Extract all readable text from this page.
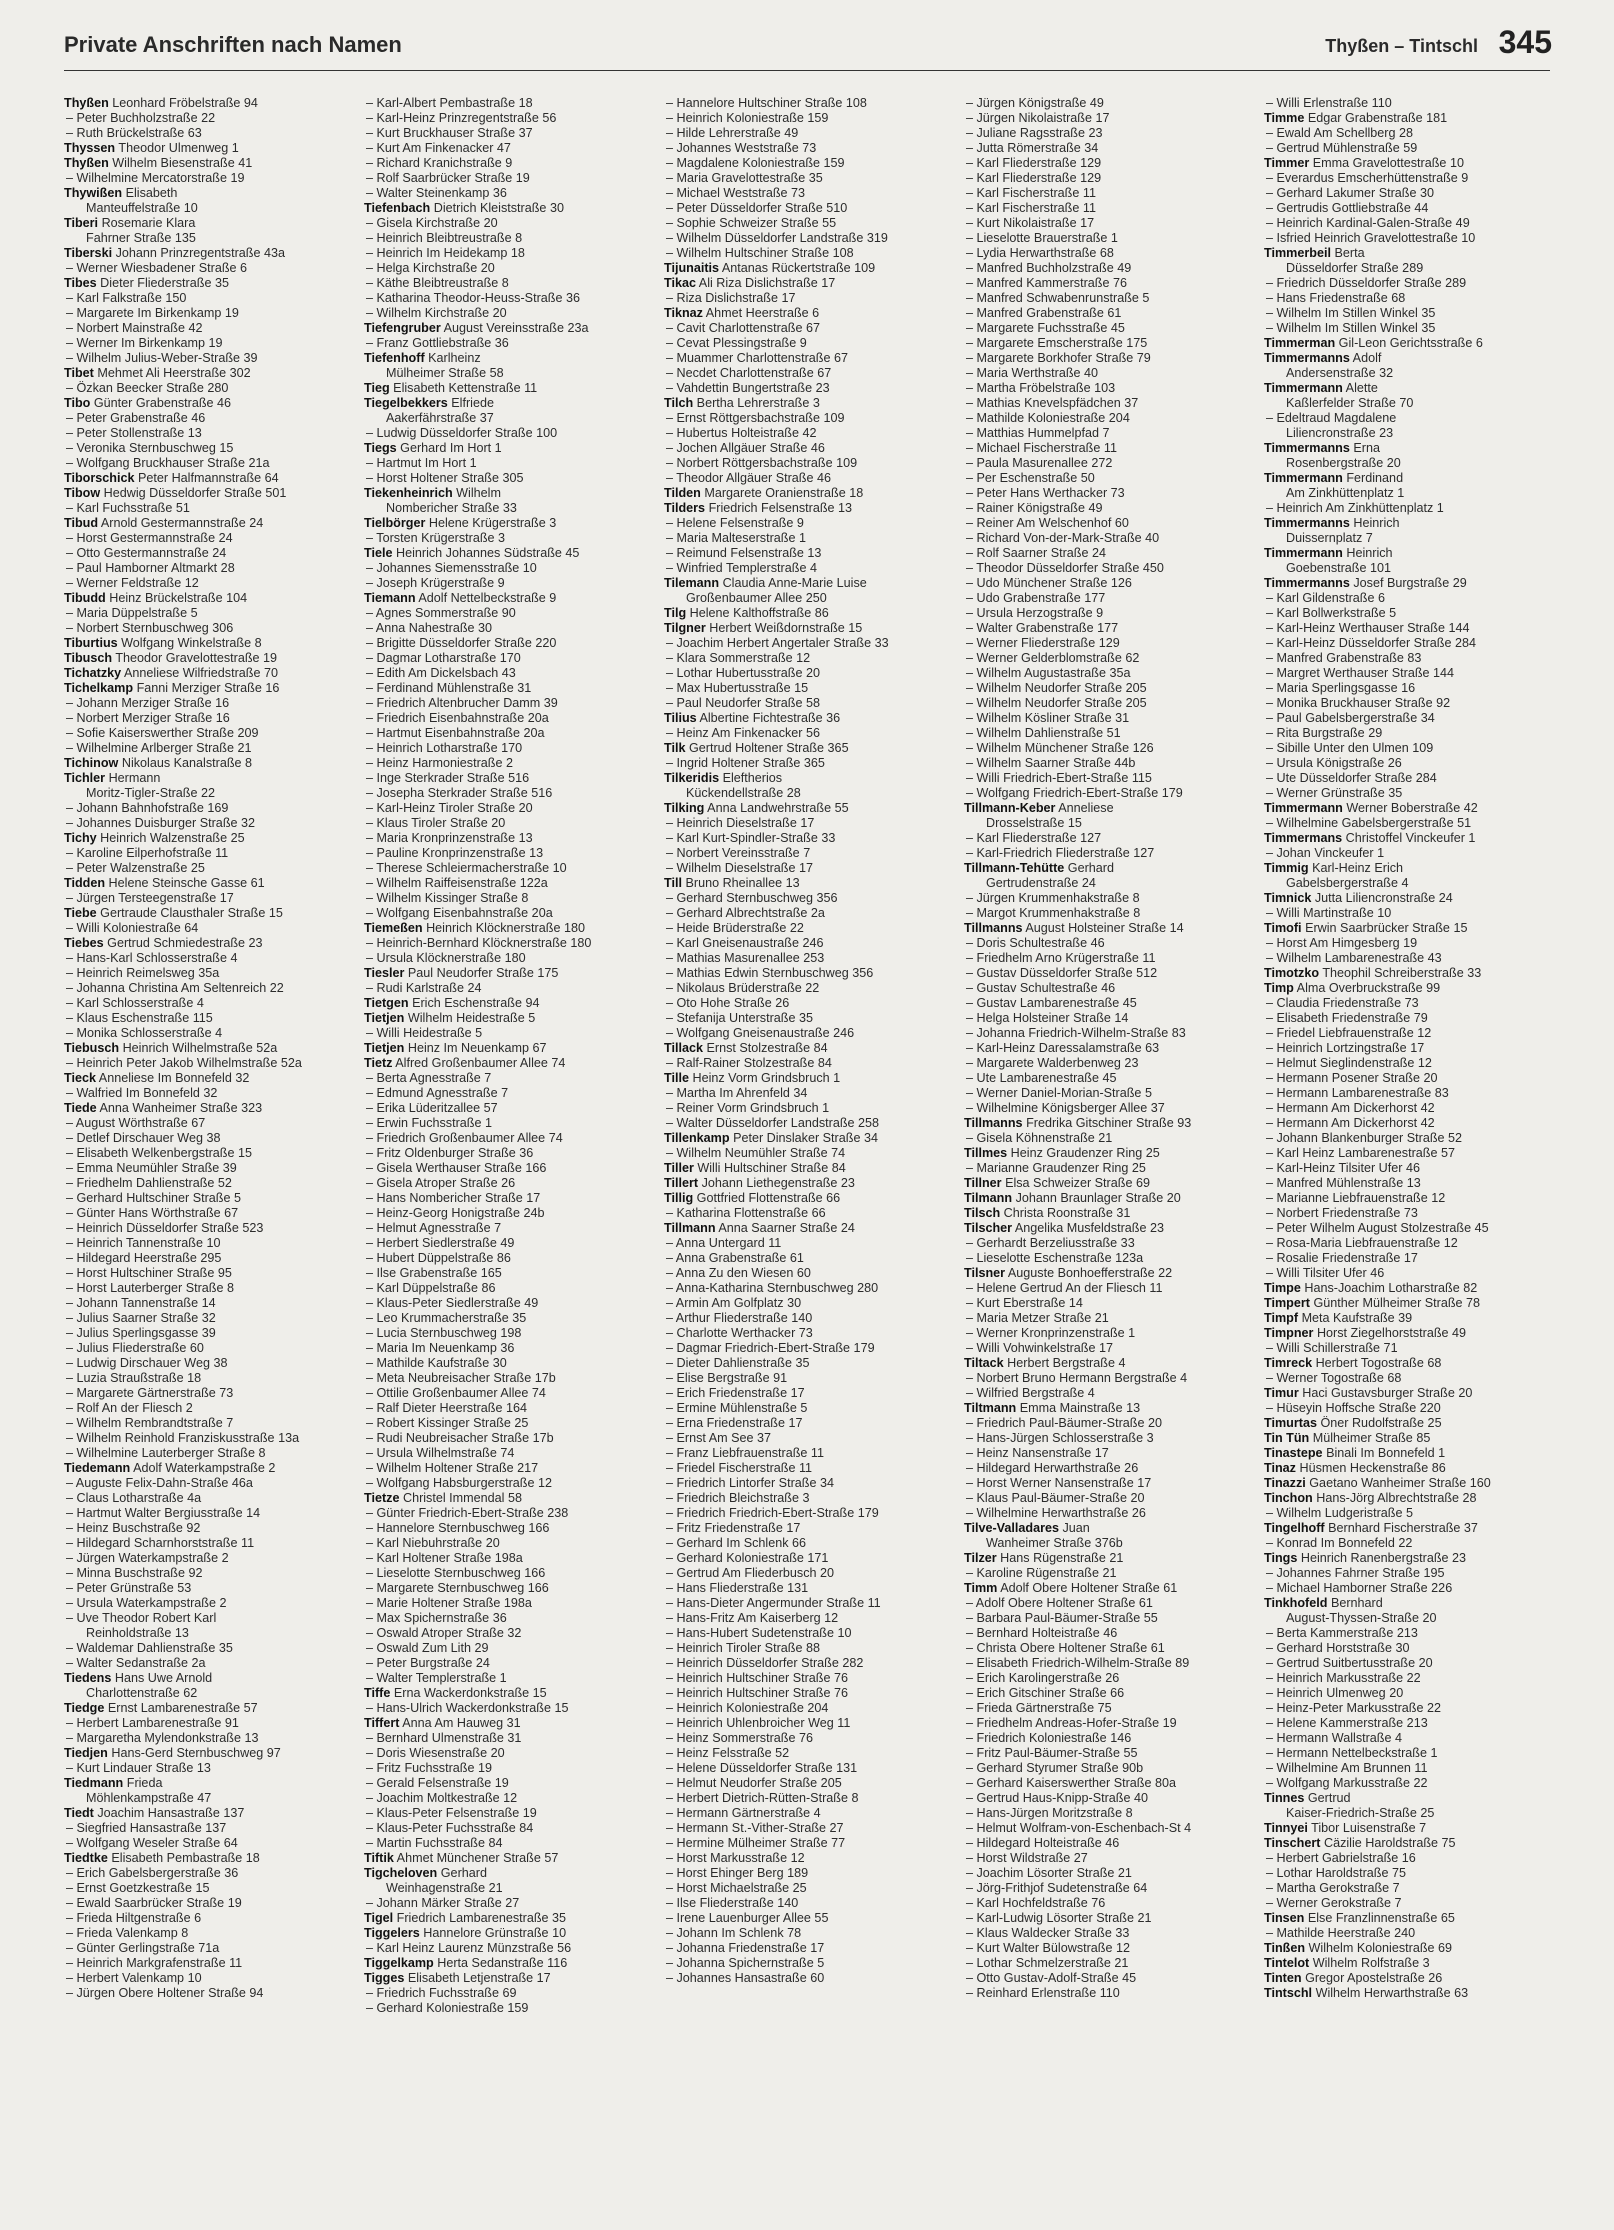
Private Anschriften nach Namen	Thyßen – Tintschl 345
Thyßen Leonhard Fröbelstraße 94
– Peter Buchholzstraße 22
– Ruth Brückelstraße 63
Thyssen Theodor Ulmenweg 1
Thyßen Wilhelm Biesenstraße 41
– Wilhelmine Mercatorstraße 19
Thywißen Elisabeth
Manteuffelstraße 10
Tiberi Rosemarie Klara
Fahrner Straße 135
Tiberski Johann Prinzregentstraße 43a
– Werner Wiesbadener Straße 6
Tibes Dieter Fliederstraße 35
– Karl Falkstraße 150
– Margarete Im Birkenkamp 19
– Norbert Mainstraße 42
– Werner Im Birkenkamp 19
– Wilhelm Julius-Weber-Straße 39
Tibet Mehmet Ali Heerstraße 302
– Özkan Beecker Straße 280
Tibo Günter Grabenstraße 46
– Peter Grabenstraße 46
– Peter Stollenstraße 13
– Veronika Sternbuschweg 15
– Wolfgang Bruckhauser Straße 21a
Tiborschick Peter Halfmannstraße 64
Tibow Hedwig Düsseldorfer Straße 501
– Karl Fuchsstraße 51
Tibud Arnold Gestermannstraße 24
– Horst Gestermannstraße 24
– Otto Gestermannstraße 24
– Paul Hamborner Altmarkt 28
– Werner Feldstraße 12
Tibudd Heinz Brückelstraße 104
– Maria Düppelstraße 5
– Norbert Sternbuschweg 306
Tiburtius Wolfgang Winkelstraße 8
Tibusch Theodor Gravelottestraße 19
Tichatzky Anneliese Wilfriedstraße 70
Tichelkamp Fanni Merziger Straße 16
– Johann Merziger Straße 16
– Norbert Merziger Straße 16
– Sofie Kaiserswerther Straße 209
– Wilhelmine Arlberger Straße 21
Tichinow Nikolaus Kanalstraße 8
Tichler Hermann
Moritz-Tigler-Straße 22
– Johann Bahnhofstraße 169
– Johannes Duisburger Straße 32
Tichy Heinrich Walzenstraße 25
– Karoline Eilperhofstraße 11
– Peter Walzenstraße 25
Tidden Helene Steinsche Gasse 61
– Jürgen Tersteegenstraße 17
Tiebe Gertraude Clausthaler Straße 15
– Willi Koloniestraße 64
Tiebes Gertrud Schmiedestraße 23
– Hans-Karl Schlosserstraße 4
– Heinrich Reimelsweg 35a
– Johanna Christina Am Seltenreich 22
– Karl Schlosserstraße 4
– Klaus Eschenstraße 115
– Monika Schlosserstraße 4
Tiebusch Heinrich Wilhelmstraße 52a
– Heinrich Peter Jakob Wilhelmstraße 52a
Tieck Anneliese Im Bonnefeld 32
– Walfried Im Bonnefeld 32
Tiede Anna Wanheimer Straße 323
– August Wörthstraße 67
– Detlef Dirschauer Weg 38
– Elisabeth Welkenbergstraße 15
– Emma Neumühler Straße 39
– Friedhelm Dahlienstraße 52
– Gerhard Hultschiner Straße 5
– Günter Hans Wörthstraße 67
– Heinrich Düsseldorfer Straße 523
– Heinrich Tannenstraße 10
– Hildegard Heerstraße 295
– Horst Hultschiner Straße 95
– Horst Lauterberger Straße 8
– Johann Tannenstraße 14
– Julius Saarner Straße 32
– Julius Sperlingsgasse 39
– Julius Fliederstraße 60
– Ludwig Dirschauer Weg 38
– Luzia Straußstraße 18
– Margarete Gärtnerstraße 73
– Rolf An der Fliesch 2
– Wilhelm Rembrandtstraße 7
– Wilhelm Reinhold Franziskusstraße 13a
– Wilhelmine Lauterberger Straße 8
Tiedemann Adolf Waterkampstraße 2
– Auguste Felix-Dahn-Straße 46a
– Claus Lotharstraße 4a
– Hartmut Walter Bergiusstraße 14
– Heinz Buschstraße 92
– Hildegard Scharnhorststraße 11
– Jürgen Waterkampstraße 2
– Minna Buschstraße 92
– Peter Grünstraße 53
– Ursula Waterkampstraße 2
– Uve Theodor Robert Karl
Reinholdstraße 13
– Waldemar Dahlienstraße 35
– Walter Sedanstraße 2a
Tiedens Hans Uwe Arnold
Charlottenstraße 62
Tiedge Ernst Lambarenestraße 57
– Herbert Lambarenestraße 91
– Margaretha Mylendonkstraße 13
Tiedjen Hans-Gerd Sternbuschweg 97
– Kurt Lindauer Straße 13
Tiedmann Frieda
Möhlenkampstraße 47
Tiedt Joachim Hansastraße 137
– Siegfried Hansastraße 137
– Wolfgang Weseler Straße 64
Tiedtke Elisabeth Pembastraße 18
– Erich Gabelsbergerstraße 36
– Ernst Goetzkestraße 15
– Ewald Saarbrücker Straße 19
– Frieda Hiltgenstraße 6
– Frieda Valenkamp 8
– Günter Gerlingstraße 71a
– Heinrich Markgrafenstraße 11
– Herbert Valenkamp 10
– Jürgen Obere Holtener Straße 94
– Karl-Albert Pembastraße 18
– Karl-Heinz Prinzregentstraße 56
– Kurt Bruckhauser Straße 37
– Kurt Am Finkenacker 47
– Richard Kranichstraße 9
– Rolf Saarbrücker Straße 19
– Walter Steinenkamp 36
Tiefenbach Dietrich Kleiststraße 30
– Gisela Kirchstraße 20
– Heinrich Bleibtreustraße 8
– Heinrich Im Heidekamp 18
– Helga Kirchstraße 20
– Käthe Bleibtreustraße 8
– Katharina Theodor-Heuss-Straße 36
– Wilhelm Kirchstraße 20
Tiefengruber August Vereinsstraße 23a
– Franz Gottliebstraße 36
Tiefenhoff Karlheinz
Mülheimer Straße 58
Tieg Elisabeth Kettenstraße 11
Tiegelbekkers Elfriede
Aakerfährstraße 37
– Ludwig Düsseldorfer Straße 100
Tiegs Gerhard Im Hort 1
– Hartmut Im Hort 1
– Horst Holtener Straße 305
Tiekenheinrich Wilhelm
Nombericher Straße 33
Tielbörger Helene Krügerstraße 3
– Torsten Krügerstraße 3
Tiele Heinrich Johannes Südstraße 45
– Johannes Siemensstraße 10
– Joseph Krügerstraße 9
Tiemann Adolf Nettelbeckstraße 9
– Agnes Sommerstraße 90
– Anna Nahestraße 30
– Brigitte Düsseldorfer Straße 220
– Dagmar Lotharstraße 170
– Edith Am Dickelsbach 43
– Ferdinand Mühlenstraße 31
– Friedrich Altenbrucher Damm 39
– Friedrich Eisenbahnstraße 20a
– Hartmut Eisenbahnstraße 20a
– Heinrich Lotharstraße 170
– Heinz Harmoniestraße 2
– Inge Sterkrader Straße 516
– Josepha Sterkrader Straße 516
– Karl-Heinz Tiroler Straße 20
– Klaus Tiroler Straße 20
– Maria Kronprinzenstraße 13
– Pauline Kronprinzenstraße 13
– Therese Schleiermacherstraße 10
– Wilhelm Raiffeisenstraße 122a
– Wilhelm Kissinger Straße 8
– Wolfgang Eisenbahnstraße 20a
Tiemeßen Heinrich Klöcknerstraße 180
– Heinrich-Bernhard Klöcknerstraße 180
– Ursula Klöcknerstraße 180
Tiesler Paul Neudorfer Straße 175
– Rudi Karlstraße 24
Tietgen Erich Eschenstraße 94
Tietjen Wilhelm Heidestraße 5
– Willi Heidestraße 5
Tietjen Heinz Im Neuenkamp 67
Tietz Alfred Großenbaumer Allee 74
– Berta Agnesstraße 7
– Edmund Agnesstraße 7
– Erika Lüderitzallee 57
– Erwin Fuchsstraße 1
– Friedrich Großenbaumer Allee 74
– Fritz Oldenburger Straße 36
– Gisela Werthauser Straße 166
– Gisela Atroper Straße 26
– Hans Nombericher Straße 17
– Heinz-Georg Honigstraße 24b
– Helmut Agnesstraße 7
– Herbert Siedlerstraße 49
– Hubert Düppelstraße 86
– Ilse Grabenstraße 165
– Karl Düppelstraße 86
– Klaus-Peter Siedlerstraße 49
– Leo Krummacherstraße 35
– Lucia Sternbuschweg 198
– Maria Im Neuenkamp 36
– Mathilde Kaufstraße 30
– Meta Neubreisacher Straße 17b
– Ottilie Großenbaumer Allee 74
– Ralf Dieter Heerstraße 164
– Robert Kissinger Straße 25
– Rudi Neubreisacher Straße 17b
– Ursula Wilhelmstraße 74
– Wilhelm Holtener Straße 217
– Wolfgang Habsburgerstraße 12
Tietze Christel Immendal 58
– Günter Friedrich-Ebert-Straße 238
– Hannelore Sternbuschweg 166
– Karl Niebuhrstraße 20
– Karl Holtener Straße 198a
– Lieselotte Sternbuschweg 166
– Margarete Sternbuschweg 166
– Marie Holtener Straße 198a
– Max Spichernstraße 36
– Oswald Atroper Straße 32
– Oswald Zum Lith 29
– Peter Burgstraße 24
– Walter Templerstraße 1
Tiffe Erna Wackerdonkstraße 15
– Hans-Ulrich Wackerdonkstraße 15
Tiffert Anna Am Hauweg 31
– Bernhard Ulmenstraße 31
– Doris Wiesenstraße 20
– Fritz Fuchsstraße 19
– Gerald Felsenstraße 19
– Joachim Moltkestraße 12
– Klaus-Peter Felsenstraße 19
– Klaus-Peter Fuchsstraße 84
– Martin Fuchsstraße 84
Tiftik Ahmet Münchener Straße 57
Tigcheloven Gerhard
Weinhagenstraße 21
– Johann Märker Straße 27
Tigel Friedrich Lambarenestraße 35
Tiggelers Hannelore Grünstraße 10
– Karl Heinz Laurenz Münzstraße 56
Tiggelkamp Herta Sedanstraße 116
Tigges Elisabeth Letjenstraße 17
– Friedrich Fuchsstraße 69
– Gerhard Koloniestraße 159
– Hannelore Hultschiner Straße 108
– Heinrich Koloniestraße 159
– Hilde Lehrerstraße 49
– Johannes Weststraße 73
– Magdalene Koloniestraße 159
– Maria Gravelottestraße 35
– Michael Weststraße 73
– Peter Düsseldorfer Straße 510
– Sophie Schweizer Straße 55
– Wilhelm Düsseldorfer Landstraße 319
– Wilhelm Hultschiner Straße 108
Tijunaitis Antanas Rückertstraße 109
Tikac Ali Riza Dislichstraße 17
– Riza Dislichstraße 17
Tiknaz Ahmet Heerstraße 6
– Cavit Charlottenstraße 67
– Cevat Plessingstraße 9
– Muammer Charlottenstraße 67
– Necdet Charlottenstraße 67
– Vahdettin Bungertstraße 23
Tilch Bertha Lehrerstraße 3
– Ernst Röttgersbachstraße 109
– Hubertus Holteistraße 42
– Jochen Allgäuer Straße 46
– Norbert Röttgersbachstraße 109
– Theodor Allgäuer Straße 46
Tilden Margarete Oranienstraße 18
Tilders Friedrich Felsenstraße 13
– Helene Felsenstraße 9
– Maria Malteserstraße 1
– Reimund Felsenstraße 13
– Winfried Templerstraße 4
Tilemann Claudia Anne-Marie Luise
Großenbaumer Allee 250
Tilg Helene Kalthoffstraße 86
Tilgner Herbert Weißdornstraße 15
– Joachim Herbert Angertaler Straße 33
– Klara Sommerstraße 12
– Lothar Hubertusstraße 20
– Max Hubertusstraße 15
– Paul Neudorfer Straße 58
Tilius Albertine Fichtestraße 36
– Heinz Am Finkenacker 56
Tilk Gertrud Holtener Straße 365
– Ingrid Holtener Straße 365
Tilkeridis Eleftherios
Kückendellstraße 28
Tilking Anna Landwehrstraße 55
– Heinrich Dieselstraße 17
– Karl Kurt-Spindler-Straße 33
– Norbert Vereinsstraße 7
– Wilhelm Dieselstraße 17
Till Bruno Rheinallee 13
– Gerhard Sternbuschweg 356
– Gerhard Albrechtstraße 2a
– Heide Brüderstraße 22
– Karl Gneisenaustraße 246
– Mathias Masurenallee 253
– Mathias Edwin Sternbuschweg 356
– Nikolaus Brüderstraße 22
– Oto Hohe Straße 26
– Stefanija Unterstraße 35
– Wolfgang Gneisenaustraße 246
Tillack Ernst Stolzestraße 84
– Ralf-Rainer Stolzestraße 84
Tille Heinz Vorm Grindsbruch 1
– Martha Im Ahrenfeld 34
– Reiner Vorm Grindsbruch 1
– Walter Düsseldorfer Landstraße 258
Tillenkamp Peter Dinslaker Straße 34
– Wilhelm Neumühler Straße 74
Tiller Willi Hultschiner Straße 84
Tillert Johann Liethegenstraße 23
Tillig Gottfried Flottenstraße 66
– Katharina Flottenstraße 66
Tillmann Anna Saarner Straße 24
– Anna Untergard 11
– Anna Grabenstraße 61
– Anna Zu den Wiesen 60
– Anna-Katharina Sternbuschweg 280
– Armin Am Golfplatz 30
– Arthur Fliederstraße 140
– Charlotte Werthacker 73
– Dagmar Friedrich-Ebert-Straße 179
– Dieter Dahlienstraße 35
– Elise Bergstraße 91
– Erich Friedenstraße 17
– Ermine Mühlenstraße 5
– Erna Friedenstraße 17
– Ernst Am See 37
– Franz Liebfrauenstraße 11
– Friedel Fischerstraße 11
– Friedrich Lintorfer Straße 34
– Friedrich Bleichstraße 3
– Friedrich Friedrich-Ebert-Straße 179
– Fritz Friedenstraße 17
– Gerhard Im Schlenk 66
– Gerhard Koloniestraße 171
– Gertrud Am Fliederbusch 20
– Hans Fliederstraße 131
– Hans-Dieter Angermunder Straße 11
– Hans-Fritz Am Kaiserberg 12
– Hans-Hubert Sudetenstraße 10
– Heinrich Tiroler Straße 88
– Heinrich Düsseldorfer Straße 282
– Heinrich Hultschiner Straße 76
– Heinrich Hultschiner Straße 76
– Heinrich Koloniestraße 204
– Heinrich Uhlenbroicher Weg 11
– Heinz Sommerstraße 76
– Heinz Felsstraße 52
– Helene Düsseldorfer Straße 131
– Helmut Neudorfer Straße 205
– Herbert Dietrich-Rütten-Straße 8
– Hermann Gärtnerstraße 4
– Hermann St.-Vither-Straße 27
– Hermine Mülheimer Straße 77
– Horst Markusstraße 12
– Horst Ehinger Berg 189
– Horst Michaelstraße 25
– Ilse Fliederstraße 140
– Irene Lauenburger Allee 55
– Johann Im Schlenk 78
– Johanna Friedenstraße 17
– Johanna Spichernstraße 5
– Johannes Hansastraße 60
– Jürgen Königstraße 49
– Jürgen Nikolaistraße 17
– Juliane Ragsstraße 23
– Jutta Römerstraße 34
– Karl Fliederstraße 129
– Karl Fliederstraße 129
– Karl Fischerstraße 11
– Karl Fischerstraße 11
– Kurt Nikolaistraße 17
– Lieselotte Brauerstraße 1
– Lydia Herwarthstraße 68
– Manfred Buchholzstraße 49
– Manfred Kammerstraße 76
– Manfred Schwabenrunstraße 5
– Manfred Grabenstraße 61
– Margarete Fuchsstraße 45
– Margarete Emscherstraße 175
– Margarete Borkhofer Straße 79
– Maria Werthstraße 40
– Martha Fröbelstraße 103
– Mathias Knevelspfädchen 37
– Mathilde Koloniestraße 204
– Matthias Hummelpfad 7
– Michael Fischerstraße 11
– Paula Masurenallee 272
– Per Eschenstraße 50
– Peter Hans Werthacker 73
– Rainer Königstraße 49
– Reiner Am Welschenhof 60
– Richard Von-der-Mark-Straße 40
– Rolf Saarner Straße 24
– Theodor Düsseldorfer Straße 450
– Udo Münchener Straße 126
– Udo Grabenstraße 177
– Ursula Herzogstraße 9
– Walter Grabenstraße 177
– Werner Fliederstraße 129
– Werner Gelderblomstraße 62
– Wilhelm Augustastraße 35a
– Wilhelm Neudorfer Straße 205
– Wilhelm Neudorfer Straße 205
– Wilhelm Kösliner Straße 31
– Wilhelm Dahlienstraße 51
– Wilhelm Münchener Straße 126
– Wilhelm Saarner Straße 44b
– Willi Friedrich-Ebert-Straße 115
– Wolfgang Friedrich-Ebert-Straße 179
Tillmann-Keber Anneliese
Drosselstraße 15
– Karl Fliederstraße 127
– Karl-Friedrich Fliederstraße 127
Tillmann-Tehütte Gerhard
Gertrudenstraße 24
– Jürgen Krummenhakstraße 8
– Margot Krummenhakstraße 8
Tillmanns August Holsteiner Straße 14
– Doris Schultestraße 46
– Friedhelm Arno Krügerstraße 11
– Gustav Düsseldorfer Straße 512
– Gustav Schultestraße 46
– Gustav Lambarenestraße 45
– Helga Holsteiner Straße 14
– Johanna Friedrich-Wilhelm-Straße 83
– Karl-Heinz Daressalamstraße 63
– Margarete Walderbenweg 23
– Ute Lambarenestraße 45
– Werner Daniel-Morian-Straße 5
– Wilhelmine Königsberger Allee 37
Tillmanns Fredrika Gitschiner Straße 93
– Gisela Köhnenstraße 21
Tillmes Heinz Graudenzer Ring 25
– Marianne Graudenzer Ring 25
Tillner Elsa Schweizer Straße 69
Tilmann Johann Braunlager Straße 20
Tilsch Christa Roonstraße 31
Tilscher Angelika Musfeldstraße 23
– Gerhardt Berzeliusstraße 33
– Lieselotte Eschenstraße 123a
Tilsner Auguste Bonhoefferstraße 22
– Helene Gertrud An der Fliesch 11
– Kurt Eberstraße 14
– Maria Metzer Straße 21
– Werner Kronprinzenstraße 1
– Willi Vohwinkelstraße 17
Tiltack Herbert Bergstraße 4
– Norbert Bruno Hermann Bergstraße 4
– Wilfried Bergstraße 4
Tiltmann Emma Mainstraße 13
– Friedrich Paul-Bäumer-Straße 20
– Hans-Jürgen Schlosserstraße 3
– Heinz Nansenstraße 17
– Hildegard Herwarthstraße 26
– Horst Werner Nansenstraße 17
– Klaus Paul-Bäumer-Straße 20
– Wilhelmine Herwarthstraße 26
Tilve-Valladares Juan
Wanheimer Straße 376b
Tilzer Hans Rügenstraße 21
– Karoline Rügenstraße 21
Timm Adolf Obere Holtener Straße 61
– Adolf Obere Holtener Straße 61
– Barbara Paul-Bäumer-Straße 55
– Bernhard Holteistraße 46
– Christa Obere Holtener Straße 61
– Elisabeth Friedrich-Wilhelm-Straße 89
– Erich Karolingerstraße 26
– Erich Gitschiner Straße 66
– Frieda Gärtnerstraße 75
– Friedhelm Andreas-Hofer-Straße 19
– Friedrich Koloniestraße 146
– Fritz Paul-Bäumer-Straße 55
– Gerhard Styrumer Straße 90b
– Gerhard Kaiserswerther Straße 80a
– Gertrud Haus-Knipp-Straße 40
– Hans-Jürgen Moritzstraße 8
– Helmut Wolfram-von-Eschenbach-St 4
– Hildegard Holteistraße 46
– Horst Wildstraße 27
– Joachim Lösorter Straße 21
– Jörg-Frithjof Sudetenstraße 64
– Karl Hochfeldstraße 76
– Karl-Ludwig Lösorter Straße 21
– Klaus Waldecker Straße 33
– Kurt Walter Bülowstraße 12
– Lothar Schmelzerstraße 21
– Otto Gustav-Adolf-Straße 45
– Reinhard Erlenstraße 110
– Willi Erlenstraße 110
Timme Edgar Grabenstraße 181
– Ewald Am Schellberg 28
– Gertrud Mühlenstraße 59
Timmer Emma Gravelottestraße 10
– Everardus Emscherhüttenstraße 9
– Gerhard Lakumer Straße 30
– Gertrudis Gottliebstraße 44
– Heinrich Kardinal-Galen-Straße 49
– Isfried Heinrich Gravelottestraße 10
Timmerbeil Berta
Düsseldorfer Straße 289
– Friedrich Düsseldorfer Straße 289
– Hans Friedenstraße 68
– Wilhelm Im Stillen Winkel 35
– Wilhelm Im Stillen Winkel 35
Timmerman Gil-Leon Gerichtsstraße 6
Timmermanns Adolf
Andersenstraße 32
Timmermann Alette
Kaßlerfelder Straße 70
– Edeltraud Magdalene
Liliencronstraße 23
Timmermanns Erna
Rosenbergstraße 20
Timmermann Ferdinand
Am Zinkhüttenplatz 1
– Heinrich Am Zinkhüttenplatz 1
Timmermanns Heinrich
Duissernplatz 7
Timmermann Heinrich
Goebenstraße 101
Timmermanns Josef Burgstraße 29
– Karl Gildenstraße 6
– Karl Bollwerkstraße 5
– Karl-Heinz Werthauser Straße 144
– Karl-Heinz Düsseldorfer Straße 284
– Manfred Grabenstraße 83
– Margret Werthauser Straße 144
– Maria Sperlingsgasse 16
– Monika Bruckhauser Straße 92
– Paul Gabelsbergerstraße 34
– Rita Burgstraße 29
– Sibille Unter den Ulmen 109
– Ursula Königstraße 26
– Ute Düsseldorfer Straße 284
– Werner Grünstraße 35
Timmermann Werner Boberstraße 42
– Wilhelmine Gabelsbergerstraße 51
Timmermans Christoffel Vinckeufer 1
– Johan Vinckeufer 1
Timmig Karl-Heinz Erich
Gabelsbergerstraße 4
Timnick Jutta Liliencronstraße 24
– Willi Martinstraße 10
Timofi Erwin Saarbrücker Straße 15
– Horst Am Himgesberg 19
– Wilhelm Lambarenestraße 43
Timotzko Theophil Schreiberstraße 33
Timp Alma Overbruckstraße 99
– Claudia Friedenstraße 73
– Elisabeth Friedenstraße 79
– Friedel Liebfrauenstraße 12
– Heinrich Lortzingstraße 17
– Helmut Sieglindenstraße 12
– Hermann Posener Straße 20
– Hermann Lambarenestraße 83
– Hermann Am Dickerhorst 42
– Hermann Am Dickerhorst 42
– Johann Blankenburger Straße 52
– Karl Heinz Lambarenestraße 57
– Karl-Heinz Tilsiter Ufer 46
– Manfred Mühlenstraße 13
– Marianne Liebfrauenstraße 12
– Norbert Friedenstraße 73
– Peter Wilhelm August Stolzestraße 45
– Rosa-Maria Liebfrauenstraße 12
– Rosalie Friedenstraße 17
– Willi Tilsiter Ufer 46
Timpe Hans-Joachim Lotharstraße 82
Timpert Günther Mülheimer Straße 78
Timpf Meta Kaufstraße 39
Timpner Horst Ziegelhorststraße 49
– Willi Schillerstraße 71
Timreck Herbert Togostraße 68
– Werner Togostraße 68
Timur Haci Gustavsburger Straße 20
– Hüseyin Hoffsche Straße 220
Timurtas Öner Rudolfstraße 25
Tin Tün Mülheimer Straße 85
Tinastepe Binali Im Bonnefeld 1
Tinaz Hüsmen Heckenstraße 86
Tinazzi Gaetano Wanheimer Straße 160
Tinchon Hans-Jörg Albrechtstraße 28
– Wilhelm Ludgeristraße 5
Tingelhoff Bernhard Fischerstraße 37
– Konrad Im Bonnefeld 22
Tings Heinrich Ranenbergstraße 23
– Johannes Fahrner Straße 195
– Michael Hamborner Straße 226
Tinkhofeld Bernhard
August-Thyssen-Straße 20
– Berta Kammerstraße 213
– Gerhard Horststraße 30
– Gertrud Suitbertusstraße 20
– Heinrich Markusstraße 22
– Heinrich Ulmenweg 20
– Heinz-Peter Markusstraße 22
– Helene Kammerstraße 213
– Hermann Wallstraße 4
– Hermann Nettelbeckstraße 1
– Wilhelmine Am Brunnen 11
– Wolfgang Markusstraße 22
Tinnes Gertrud
Kaiser-Friedrich-Straße 25
Tinnyei Tibor Luisenstraße 7
Tinschert Cäzilie Haroldstraße 75
– Herbert Gabrielstraße 16
– Lothar Haroldstraße 75
– Martha Gerokstraße 7
– Werner Gerokstraße 7
Tinsen Else Franzlinnenstraße 65
– Mathilde Heerstraße 240
Tinßen Wilhelm Koloniestraße 69
Tintelot Wilhelm Rolfstraße 3
Tinten Gregor Apostelstraße 26
Tintschl Wilhelm Herwarthstraße 63
